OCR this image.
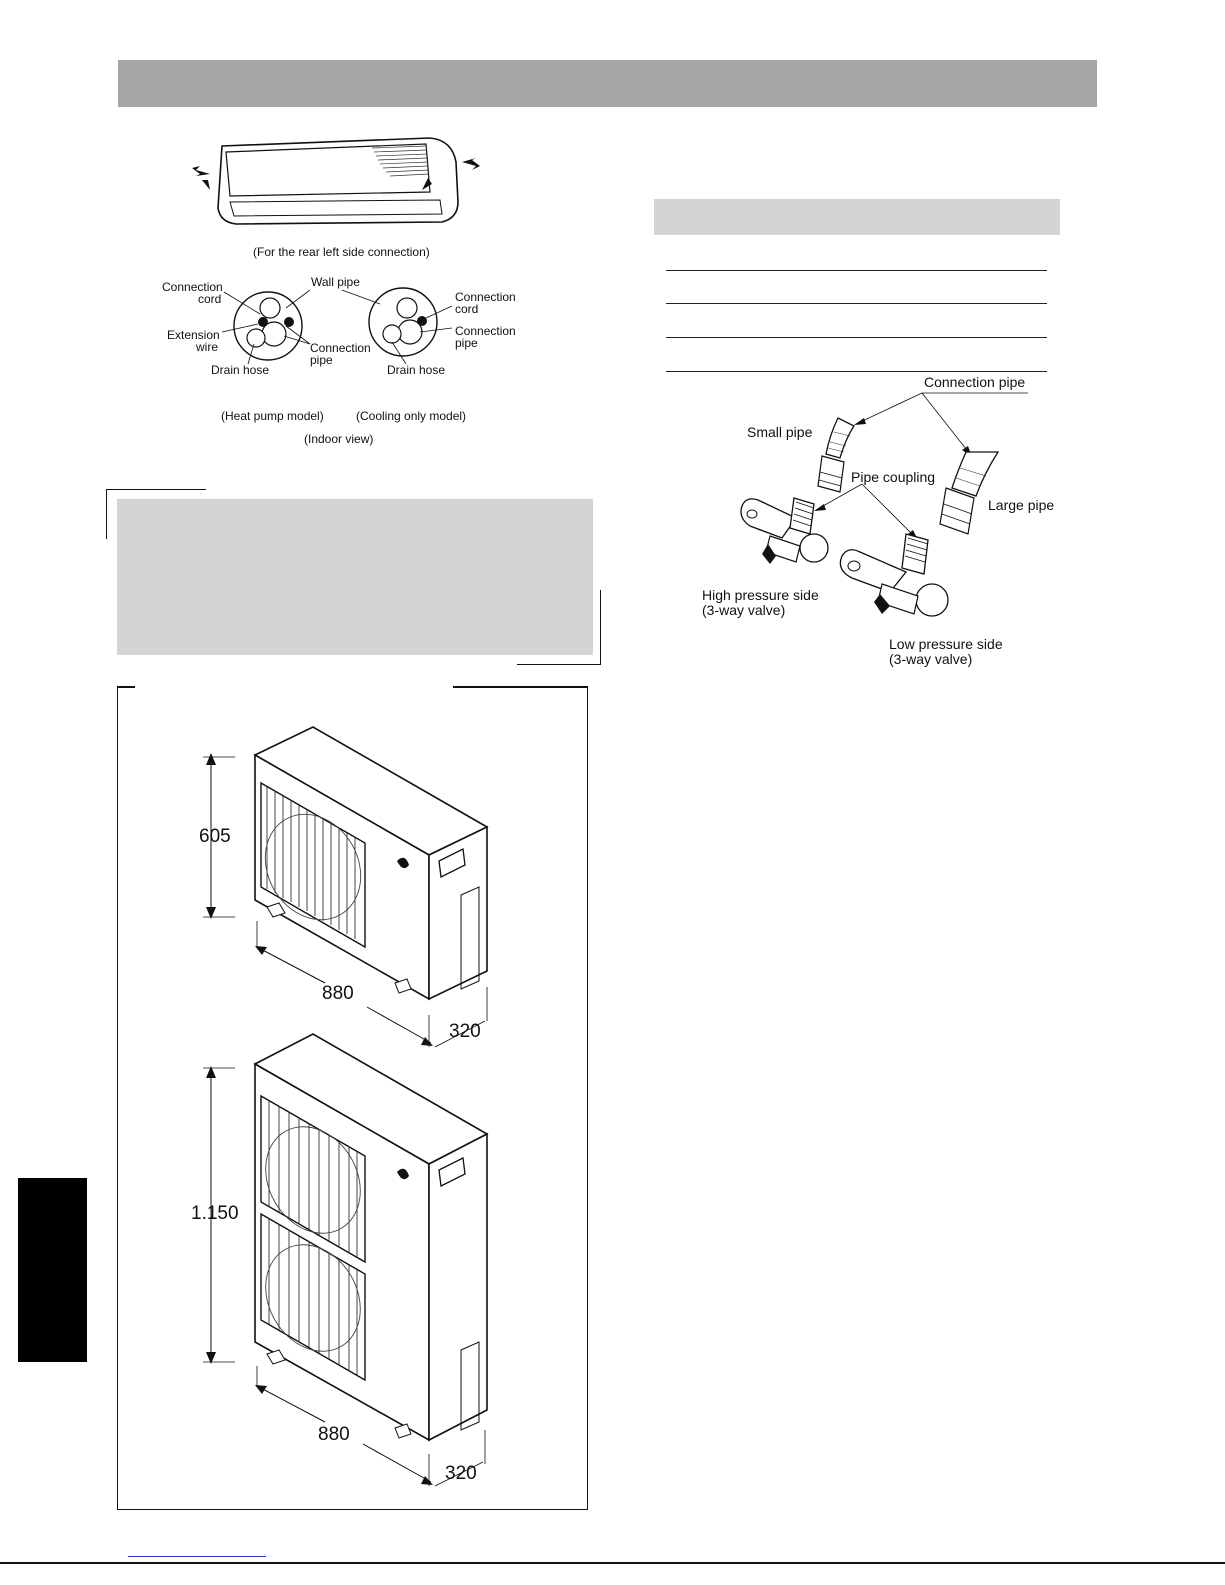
(For the rear left side connection)
Connection
cord
Wall pipe
Connection
cord
Extension
wire
Connection
pipe
Connection
pipe
Drain hose	Drain hose
(Heat pump model)	(Cooling only model)
(Indoor view)
605
880
320
1.150
880
320
Connection pipe
Small pipe
Pipe coupling
Large pipe
High pressure side
(3-way valve)
Low pressure side
(3-way valve)
